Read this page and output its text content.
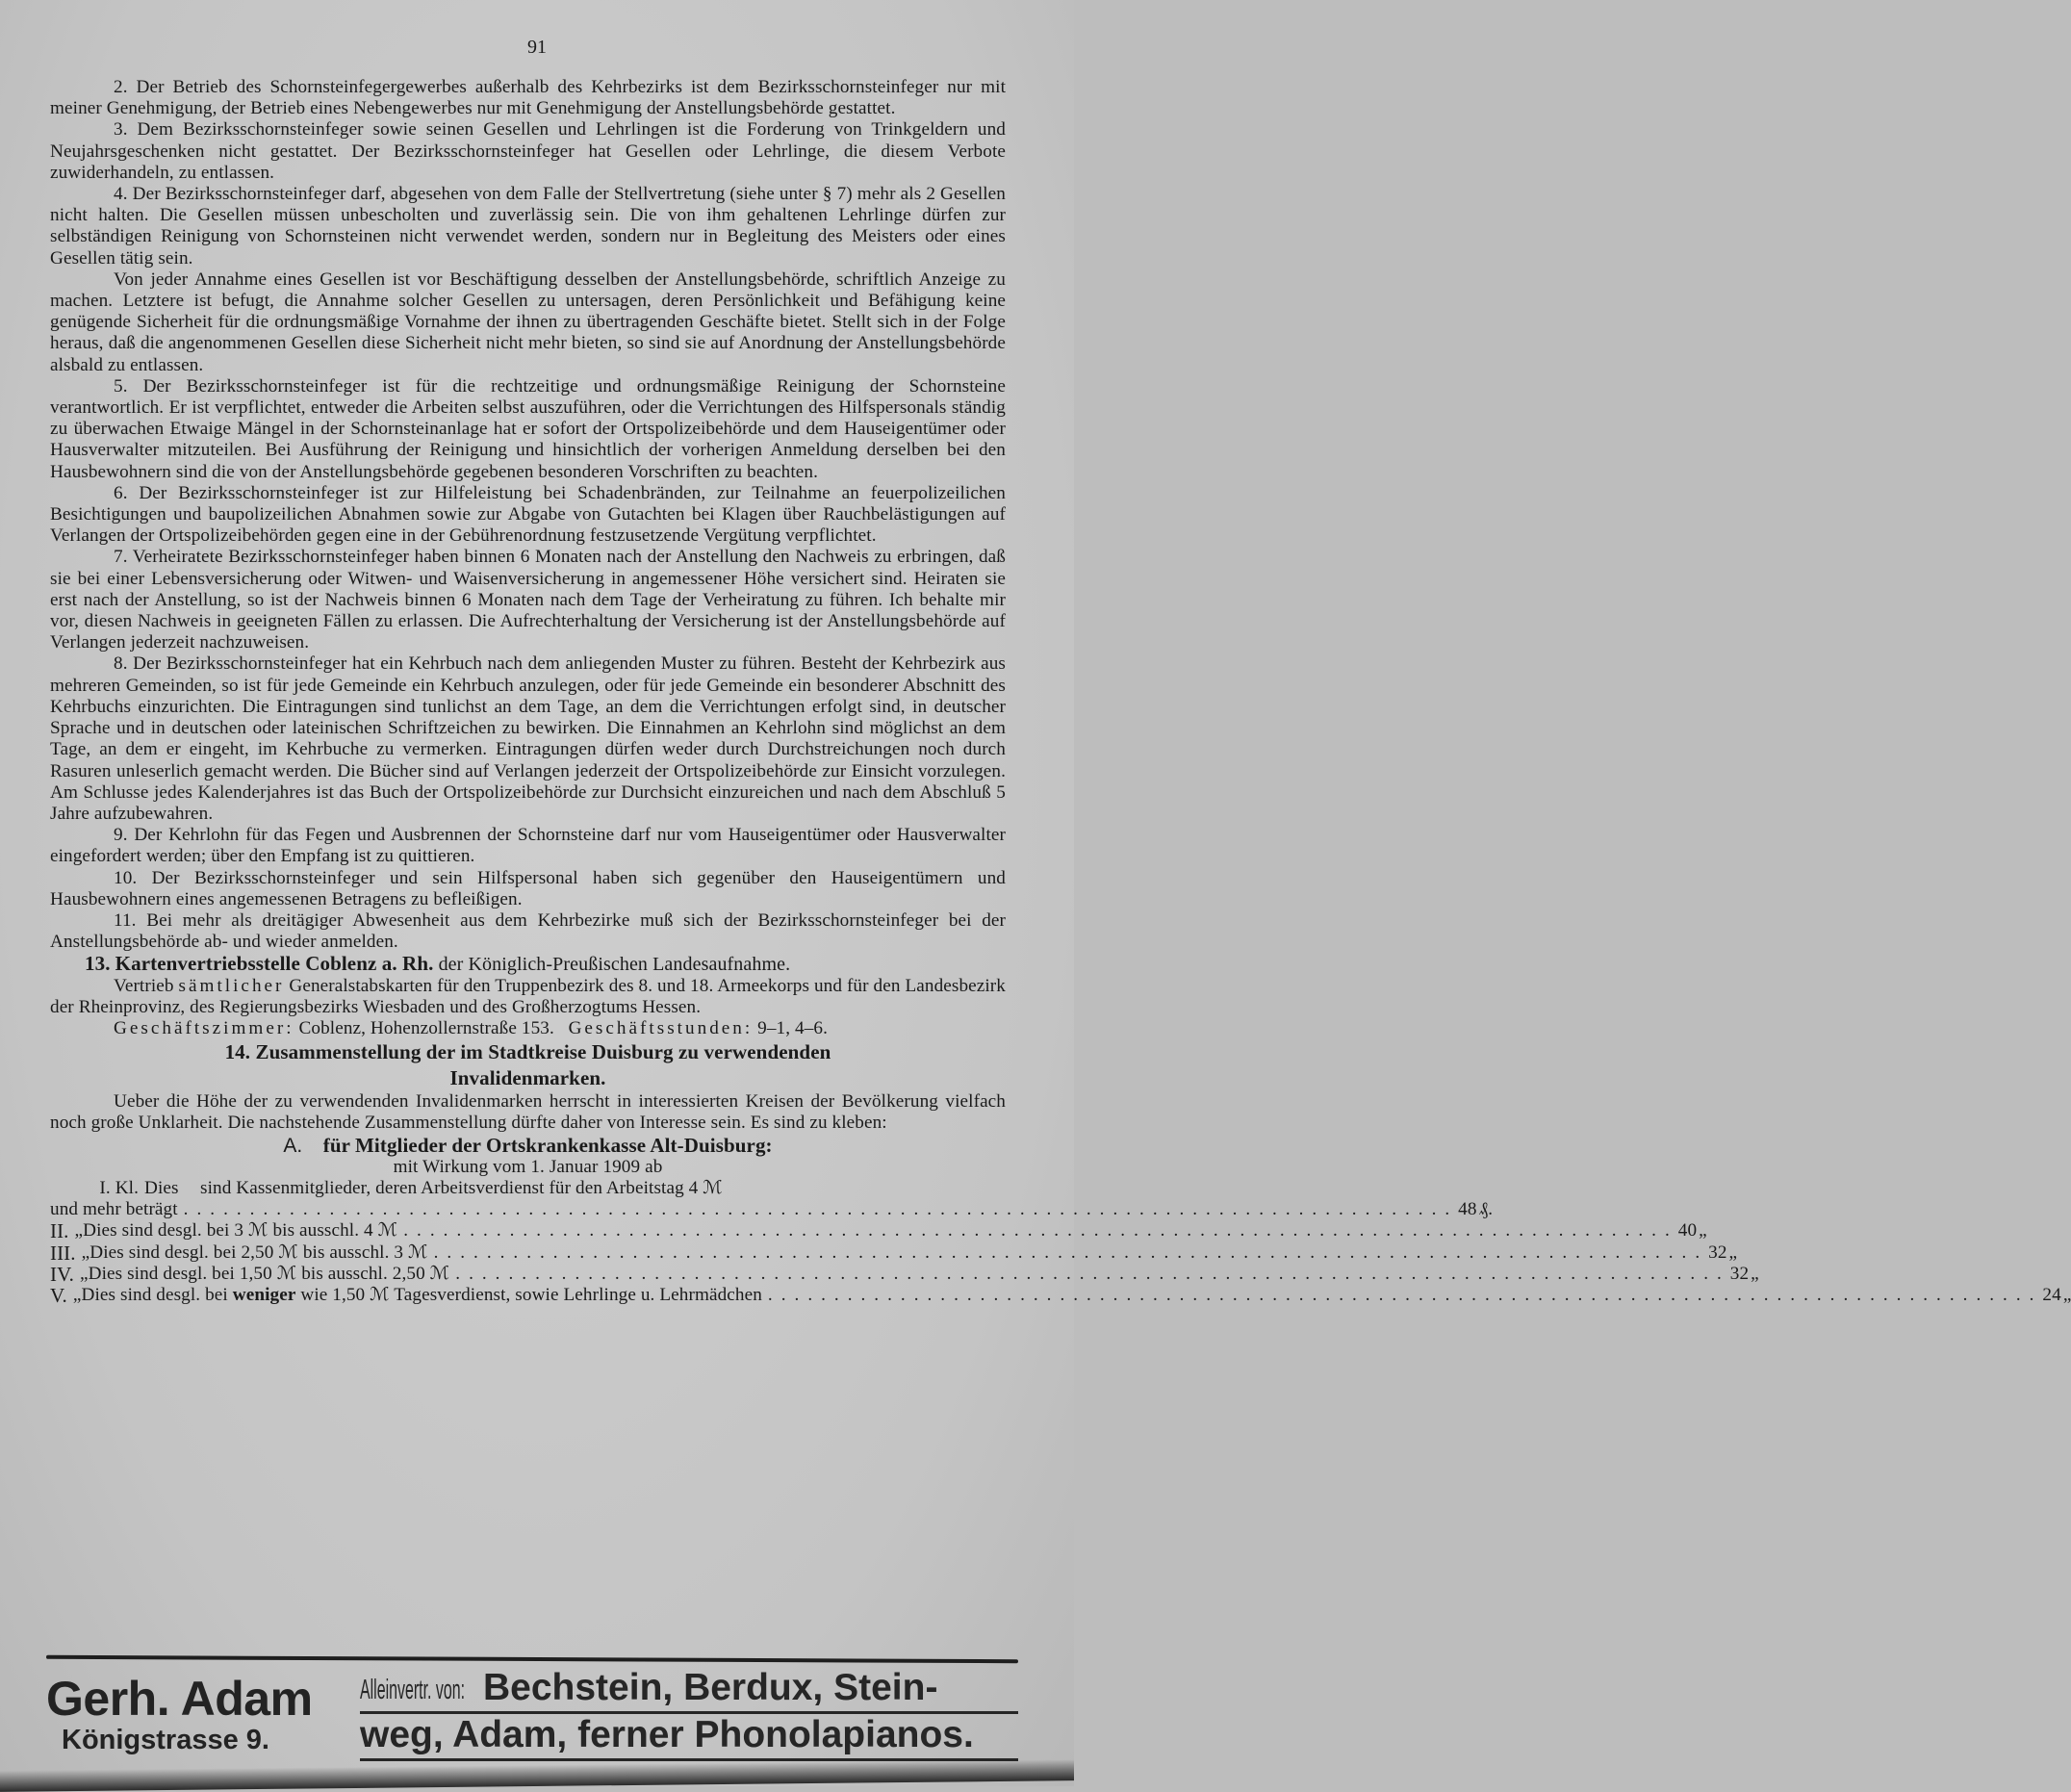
91

2. Der Betrieb des Schornsteinfegergewerbes außerhalb des Kehrbezirks ist dem Bezirksschornsteinfeger nur mit meiner Genehmigung, der Betrieb eines Nebengewerbes nur mit Genehmigung der Anstellungsbehörde gestattet.

3. Dem Bezirksschornsteinfeger sowie seinen Gesellen und Lehrlingen ist die Forderung von Trinkgeldern und Neujahrsgeschenken nicht gestattet. Der Bezirksschornsteinfeger hat Gesellen oder Lehrlinge, die diesem Verbote zuwiderhandeln, zu entlassen.

4. Der Bezirksschornsteinfeger darf, abgesehen von dem Falle der Stellvertretung (siehe unter § 7) mehr als 2 Gesellen nicht halten. Die Gesellen müssen unbescholten und zuverlässig sein. Die von ihm gehaltenen Lehrlinge dürfen zur selbständigen Reinigung von Schornsteinen nicht verwendet werden, sondern nur in Begleitung des Meisters oder eines Gesellen tätig sein.

Von jeder Annahme eines Gesellen ist vor Beschäftigung desselben der Anstellungsbehörde, schriftlich Anzeige zu machen. Letztere ist befugt, die Annahme solcher Gesellen zu untersagen, deren Persönlichkeit und Befähigung keine genügende Sicherheit für die ordnungsmäßige Vornahme der ihnen zu übertragenden Geschäfte bietet. Stellt sich in der Folge heraus, daß die angenommenen Gesellen diese Sicherheit nicht mehr bieten, so sind sie auf Anordnung der Anstellungsbehörde alsbald zu entlassen.

5. Der Bezirksschornsteinfeger ist für die rechtzeitige und ordnungsmäßige Reinigung der Schornsteine verantwortlich. Er ist verpflichtet, entweder die Arbeiten selbst auszuführen, oder die Verrichtungen des Hilfspersonals ständig zu überwachen Etwaige Mängel in der Schornsteinanlage hat er sofort der Ortspolizeibehörde und dem Hauseigentümer oder Hausverwalter mitzuteilen. Bei Ausführung der Reinigung und hinsichtlich der vorherigen Anmeldung derselben bei den Hausbewohnern sind die von der Anstellungsbehörde gegebenen besonderen Vorschriften zu beachten.

6. Der Bezirksschornsteinfeger ist zur Hilfeleistung bei Schadenbränden, zur Teilnahme an feuerpolizeilichen Besichtigungen und baupolizeilichen Abnahmen sowie zur Abgabe von Gutachten bei Klagen über Rauchbelästigungen auf Verlangen der Ortspolizeibehörden gegen eine in der Gebührenordnung festzusetzende Vergütung verpflichtet.

7. Verheiratete Bezirksschornsteinfeger haben binnen 6 Monaten nach der Anstellung den Nachweis zu erbringen, daß sie bei einer Lebensversicherung oder Witwen- und Waisenversicherung in angemessener Höhe versichert sind. Heiraten sie erst nach der Anstellung, so ist der Nachweis binnen 6 Monaten nach dem Tage der Verheiratung zu führen. Ich behalte mir vor, diesen Nachweis in geeigneten Fällen zu erlassen. Die Aufrechterhaltung der Versicherung ist der Anstellungsbehörde auf Verlangen jederzeit nachzuweisen.

8. Der Bezirksschornsteinfeger hat ein Kehrbuch nach dem anliegenden Muster zu führen. Besteht der Kehrbezirk aus mehreren Gemeinden, so ist für jede Gemeinde ein Kehrbuch anzulegen, oder für jede Gemeinde ein besonderer Abschnitt des Kehrbuchs einzurichten. Die Eintragungen sind tunlichst an dem Tage, an dem die Verrichtungen erfolgt sind, in deutscher Sprache und in deutschen oder lateinischen Schriftzeichen zu bewirken. Die Einnahmen an Kehrlohn sind möglichst an dem Tage, an dem er eingeht, im Kehrbuche zu vermerken. Eintragungen dürfen weder durch Durchstreichungen noch durch Rasuren unleserlich gemacht werden. Die Bücher sind auf Verlangen jederzeit der Ortspolizeibehörde zur Einsicht vorzulegen. Am Schlusse jedes Kalenderjahres ist das Buch der Ortspolizeibehörde zur Durchsicht einzureichen und nach dem Abschluß 5 Jahre aufzubewahren.

9. Der Kehrlohn für das Fegen und Ausbrennen der Schornsteine darf nur vom Hauseigentümer oder Hausverwalter eingefordert werden; über den Empfang ist zu quittieren.

10. Der Bezirksschornsteinfeger und sein Hilfspersonal haben sich gegenüber den Hauseigentümern und Hausbewohnern eines angemessenen Betragens zu befleißigen.

11. Bei mehr als dreitägiger Abwesenheit aus dem Kehrbezirke muß sich der Bezirksschornsteinfeger bei der Anstellungsbehörde ab- und wieder anmelden.

13. Kartenvertriebsstelle Coblenz a. Rh. der Königlich-Preußischen Landesaufnahme.

Vertrieb sämtlicher Generalstabskarten für den Truppenbezirk des 8. und 18. Armeekorps und für den Landesbezirk der Rheinprovinz, des Regierungsbezirks Wiesbaden und des Großherzogtums Hessen.

Geschäftszimmer: Coblenz, Hohenzollernstraße 153. Geschäftsstunden: 9–1, 4–6.

14. Zusammenstellung der im Stadtkreise Duisburg zu verwendenden
Invalidenmarken.

Ueber die Höhe der zu verwendenden Invalidenmarken herrscht in interessierten Kreisen der Bevölkerung vielfach noch große Unklarheit. Die nachstehende Zusammenstellung dürfte daher von Interesse sein. Es sind zu kleben:

A. für Mitglieder der Ortskrankenkasse Alt-Duisburg:

mit Wirkung vom 1. Januar 1909 ab

I. Kl. Dies	sind Kassenmitglieder, deren Arbeitsverdienst für den Arbeitstag 4 ℳ
und mehr beträgt ................................................................................................ 48 ₰.
II. „ Dies sind desgl. bei 3 ℳ bis ausschl. 4 ℳ ................................................................................................ 40 „
III. „ Dies sind desgl. bei 2,50 ℳ bis ausschl. 3 ℳ ................................................................................................ 32 „
IV. „ Dies sind desgl. bei 1,50 ℳ bis ausschl. 2,50 ℳ ................................................................................................ 32 „
V. „ Dies sind desgl. bei
weniger
wie 1,50 ℳ Tagesverdienst, sowie Lehrlinge u. Lehrmädchen ................................................................................................ 24 „
Gerh. Adam
Königstrasse 9.
Alleinvertr. von: Bechstein, Berdux, Stein-
weg, Adam, ferner Phonolapianos.
